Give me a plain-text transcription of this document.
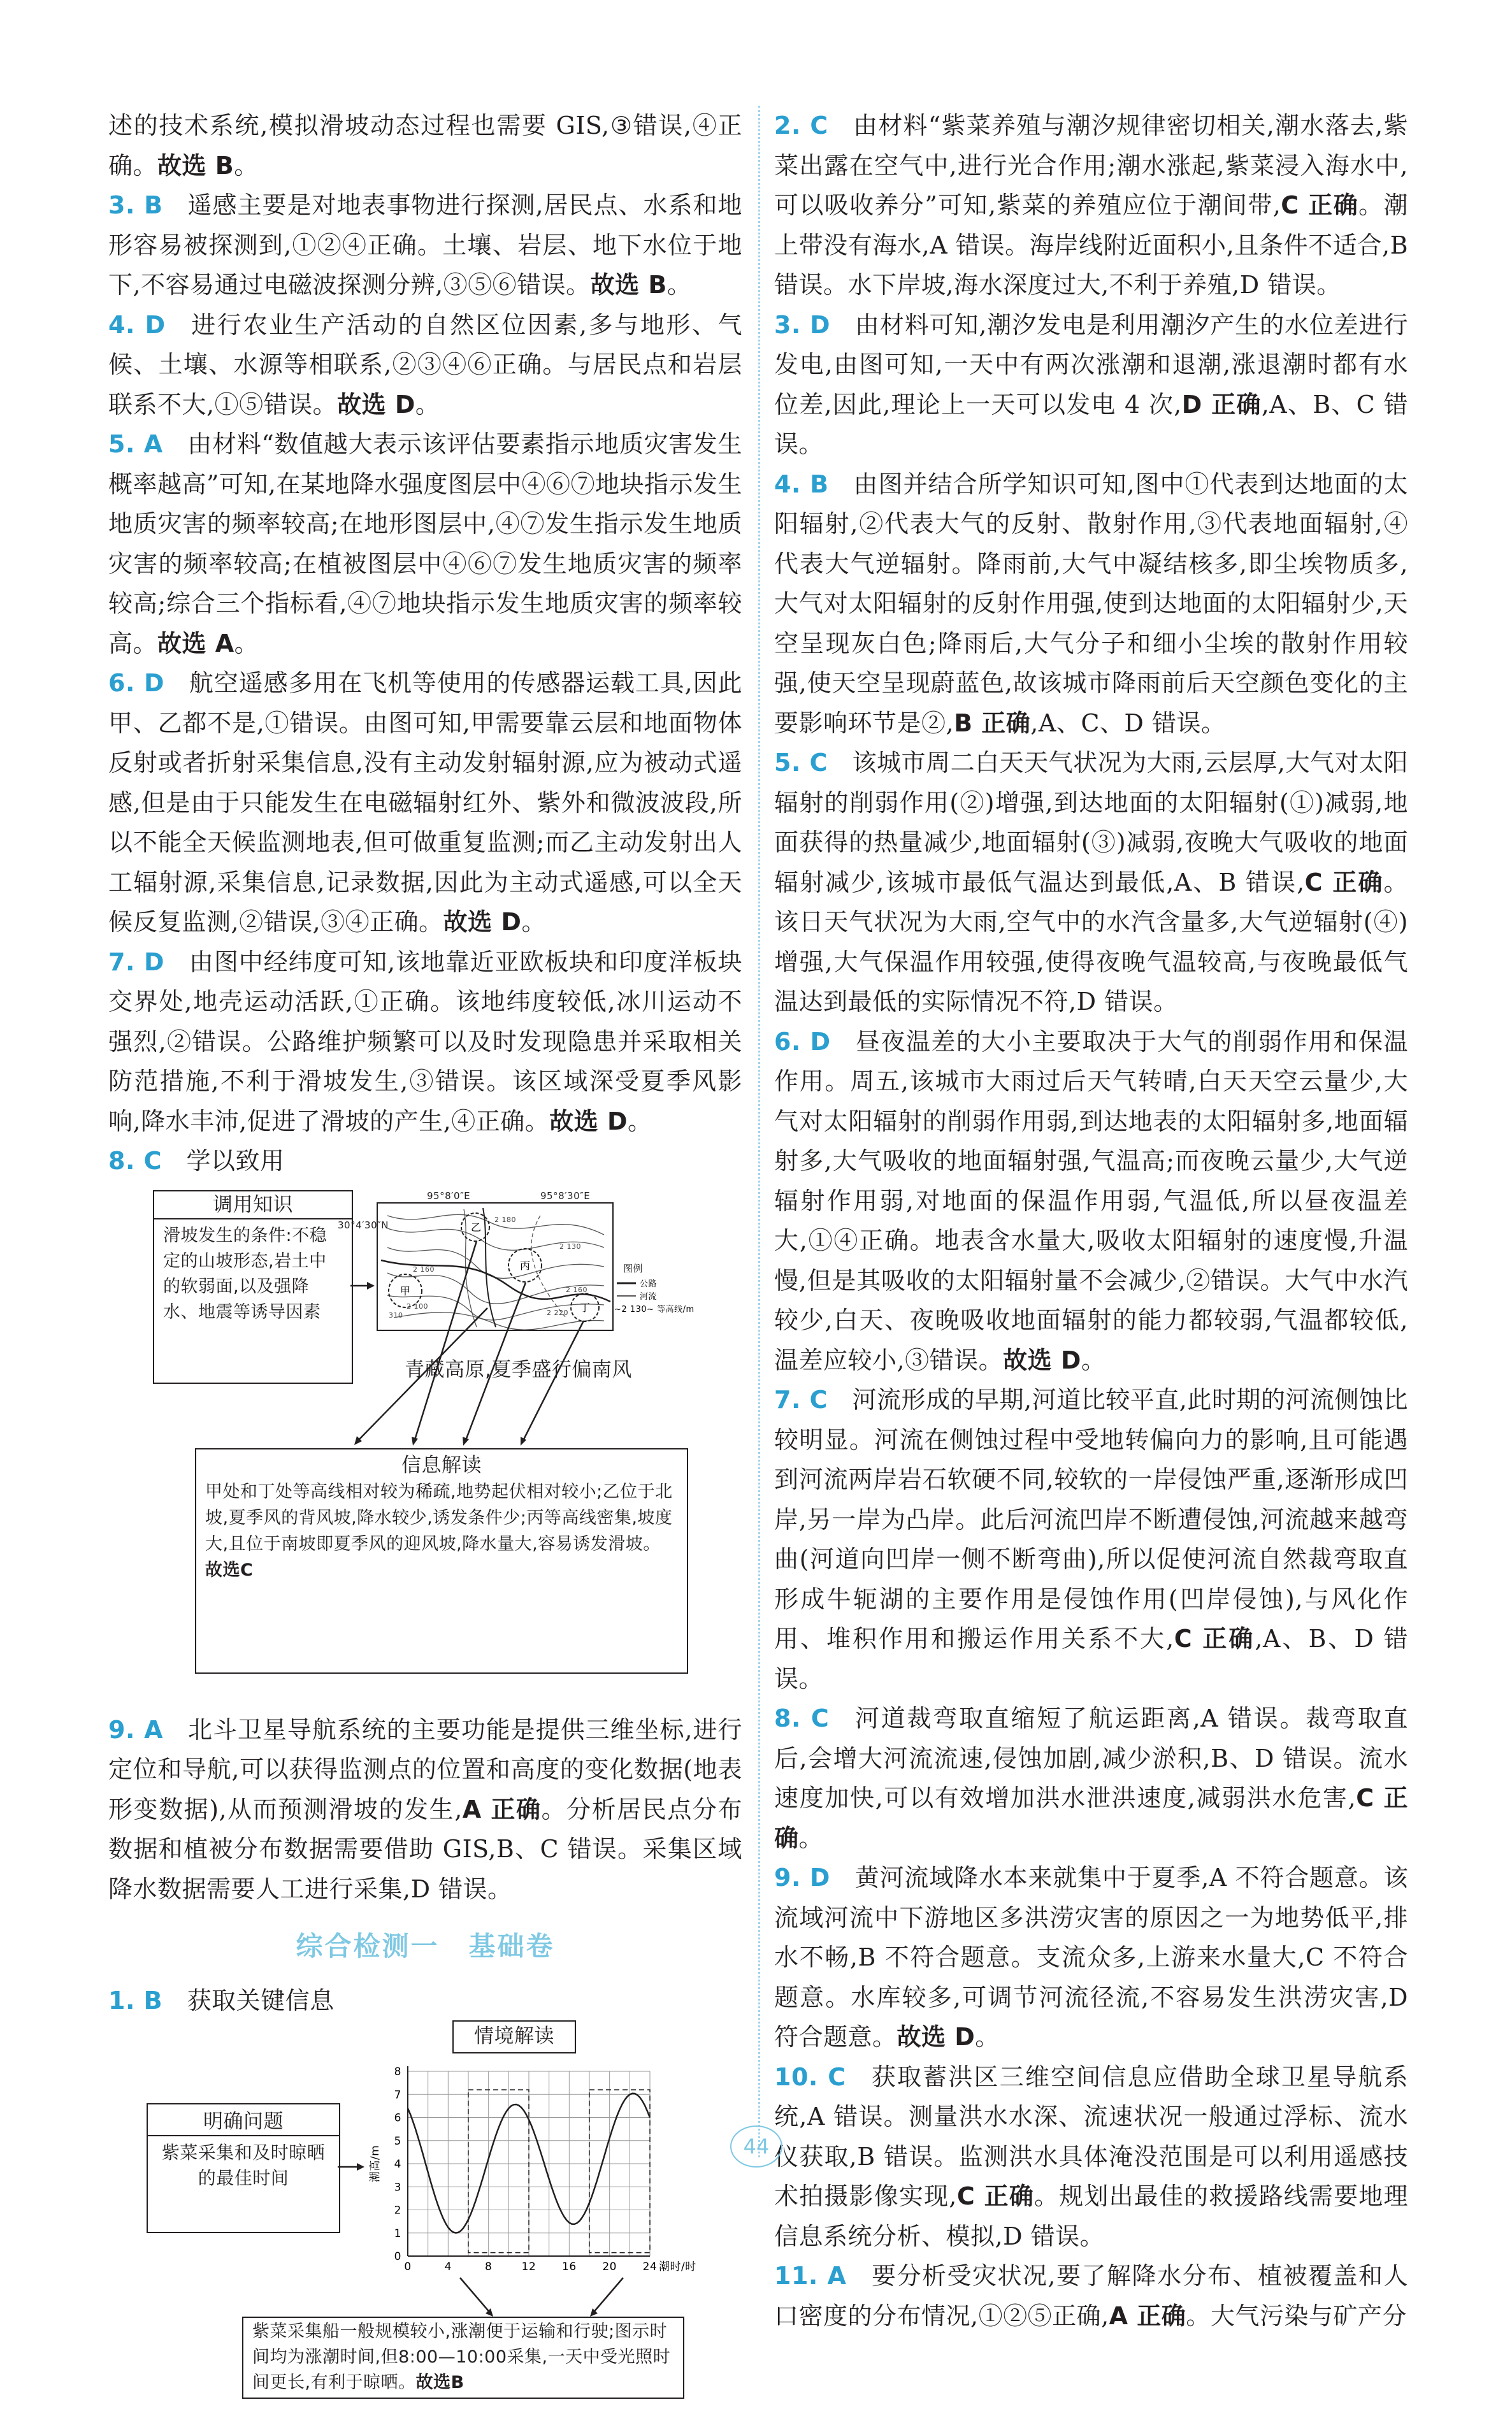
述的技术系统,模拟滑坡动态过程也需要 GIS,③错误,④正确。故选 B。

3. B  遥感主要是对地表事物进行探测,居民点、水系和地形容易被探测到,①②④正确。土壤、岩层、地下水位于地下,不容易通过电磁波探测分辨,③⑤⑥错误。故选 B。

4. D  进行农业生产活动的自然区位因素,多与地形、气候、土壤、水源等相联系,②③④⑥正确。与居民点和岩层联系不大,①⑤错误。故选 D。

5. A  由材料“数值越大表示该评估要素指示地质灾害发生概率越高”可知,在某地降水强度图层中④⑥⑦地块指示发生地质灾害的频率较高;在地形图层中,④⑦发生指示发生地质灾害的频率较高;在植被图层中④⑥⑦发生地质灾害的频率较高;综合三个指标看,④⑦地块指示发生地质灾害的频率较高。故选 A。

6. D  航空遥感多用在飞机等使用的传感器运载工具,因此甲、乙都不是,①错误。由图可知,甲需要靠云层和地面物体反射或者折射采集信息,没有主动发射辐射源,应为被动式遥感,但是由于只能发生在电磁辐射红外、紫外和微波波段,所以不能全天候监测地表,但可做重复监测;而乙主动发射出人工辐射源,采集信息,记录数据,因此为主动式遥感,可以全天候反复监测,②错误,③④正确。故选 D。

7. D  由图中经纬度可知,该地靠近亚欧板块和印度洋板块交界处,地壳运动活跃,①正确。该地纬度较低,冰川运动不强烈,②错误。公路维护频繁可以及时发现隐患并采取相关防范措施,不利于滑坡发生,③错误。该区域深受夏季风影响,降水丰沛,促进了滑坡的产生,④正确。故选 D。

8. C  学以致用

调用知识
滑坡发生的条件:不稳定的山坡形态,岩土中的软弱面,以及强降水、地震等诱导因素
95°8′0″E	95°8′30″E
30°4′30″N	乙
丙
甲
丁
2 180
2 160
310
2 100
2 220
2 130
2 160
图例
公路
河流
~2 130~ 等高线/m
青藏高原,夏季盛行偏南风
信息解读
甲处和丁处等高线相对较为稀疏,地势起伏相对较小;乙位于北坡,夏季风的背风坡,降水较少,诱发条件少;丙等高线密集,坡度大,且位于南坡即夏季风的迎风坡,降水量大,容易诱发滑坡。故选C

9. A  北斗卫星导航系统的主要功能是提供三维坐标,进行定位和导航,可以获得监测点的位置和高度的变化数据(地表形变数据),从而预测滑坡的发生,A 正确。分析居民点分布数据和植被分布数据需要借助 GIS,B、C 错误。采集区域降水数据需要人工进行采集,D 错误。

综合检测一 基础卷

1. B  获取关键信息

明确问题
紫菜采集和及时晾晒的最佳时间
情境解读
0	4	8	12 16 20 24
0
1
2
3
4
5
6
7
8
潮时/时
潮高/m
紫菜采集船一般规模较小,涨潮便于运输和行驶;图示时间均为涨潮时间,但8:00—10:00采集,一天中受光照时间更长,有利于晾晒。故选B

2. C  由材料“紫菜养殖与潮汐规律密切相关,潮水落去,紫菜出露在空气中,进行光合作用;潮水涨起,紫菜浸入海水中,可以吸收养分”可知,紫菜的养殖应位于潮间带,C 正确。潮上带没有海水,A 错误。海岸线附近面积小,且条件不适合,B 错误。水下岸坡,海水深度过大,不利于养殖,D 错误。

3. D  由材料可知,潮汐发电是利用潮汐产生的水位差进行发电,由图可知,一天中有两次涨潮和退潮,涨退潮时都有水位差,因此,理论上一天可以发电 4 次,D 正确,A、B、C 错误。

4. B  由图并结合所学知识可知,图中①代表到达地面的太阳辐射,②代表大气的反射、散射作用,③代表地面辐射,④代表大气逆辐射。降雨前,大气中凝结核多,即尘埃物质多,大气对太阳辐射的反射作用强,使到达地面的太阳辐射少,天空呈现灰白色;降雨后,大气分子和细小尘埃的散射作用较强,使天空呈现蔚蓝色,故该城市降雨前后天空颜色变化的主要影响环节是②,B 正确,A、C、D 错误。

5. C  该城市周二白天天气状况为大雨,云层厚,大气对太阳辐射的削弱作用(②)增强,到达地面的太阳辐射(①)减弱,地面获得的热量减少,地面辐射(③)减弱,夜晚大气吸收的地面辐射减少,该城市最低气温达到最低,A、B 错误,C 正确。该日天气状况为大雨,空气中的水汽含量多,大气逆辐射(④)增强,大气保温作用较强,使得夜晚气温较高,与夜晚最低气温达到最低的实际情况不符,D 错误。

6. D  昼夜温差的大小主要取决于大气的削弱作用和保温作用。周五,该城市大雨过后天气转晴,白天天空云量少,大气对太阳辐射的削弱作用弱,到达地表的太阳辐射多,地面辐射多,大气吸收的地面辐射强,气温高;而夜晚云量少,大气逆辐射作用弱,对地面的保温作用弱,气温低,所以昼夜温差大,①④正确。地表含水量大,吸收太阳辐射的速度慢,升温慢,但是其吸收的太阳辐射量不会减少,②错误。大气中水汽较少,白天、夜晚吸收地面辐射的能力都较弱,气温都较低,温差应较小,③错误。故选 D。

7. C  河流形成的早期,河道比较平直,此时期的河流侧蚀比较明显。河流在侧蚀过程中受地转偏向力的影响,且可能遇到河流两岸岩石软硬不同,较软的一岸侵蚀严重,逐渐形成凹岸,另一岸为凸岸。此后河流凹岸不断遭侵蚀,河流越来越弯曲(河道向凹岸一侧不断弯曲),所以促使河流自然裁弯取直形成牛轭湖的主要作用是侵蚀作用(凹岸侵蚀),与风化作用、堆积作用和搬运作用关系不大,C 正确,A、B、D 错误。

8. C  河道裁弯取直缩短了航运距离,A 错误。裁弯取直后,会增大河流流速,侵蚀加剧,减少淤积,B、D 错误。流水速度加快,可以有效增加洪水泄洪速度,减弱洪水危害,C 正确。

9. D  黄河流域降水本来就集中于夏季,A 不符合题意。该流域河流中下游地区多洪涝灾害的原因之一为地势低平,排水不畅,B 不符合题意。支流众多,上游来水量大,C 不符合题意。水库较多,可调节河流径流,不容易发生洪涝灾害,D 符合题意。故选 D。

10. C  获取蓄洪区三维空间信息应借助全球卫星导航系统,A 错误。测量洪水水深、流速状况一般通过浮标、流水仪获取,B 错误。监测洪水具体淹没范围是可以利用遥感技术拍摄影像实现,C 正确。规划出最佳的救援路线需要地理信息系统分析、模拟,D 错误。

11. A  要分析受灾状况,要了解降水分布、植被覆盖和人口密度的分布情况,①②⑤正确,A 正确。大气污染与矿产分

44
